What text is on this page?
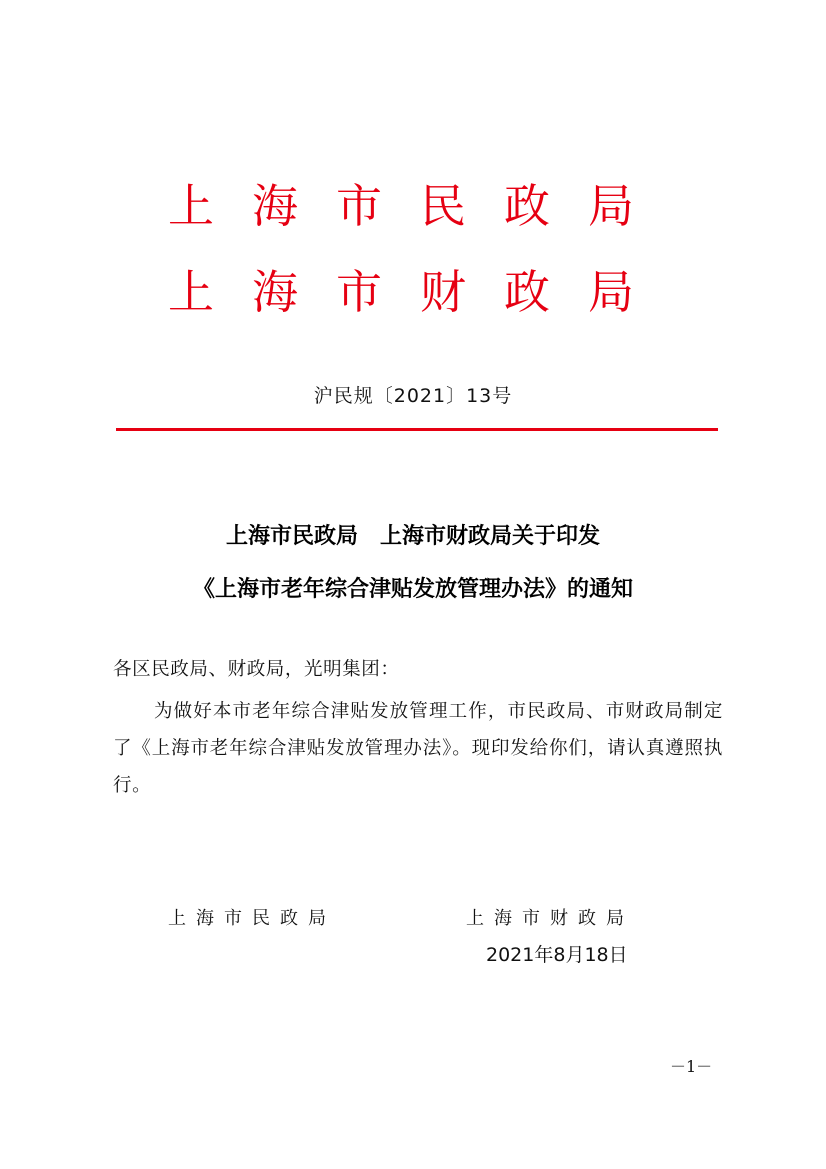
上海市民政局
上海市财政局
沪民规〔2021〕13号
上海市民政局　上海市财政局关于印发
《上海市老年综合津贴发放管理办法》的通知
各区民政局、财政局，光明集团：
为做好本市老年综合津贴发放管理工作，市民政局、市财政局制定了《上海市老年综合津贴发放管理办法》。现印发给你们，请认真遵照执行。
上海市民政局	上海市财政局
2021年8月18日
－1－
